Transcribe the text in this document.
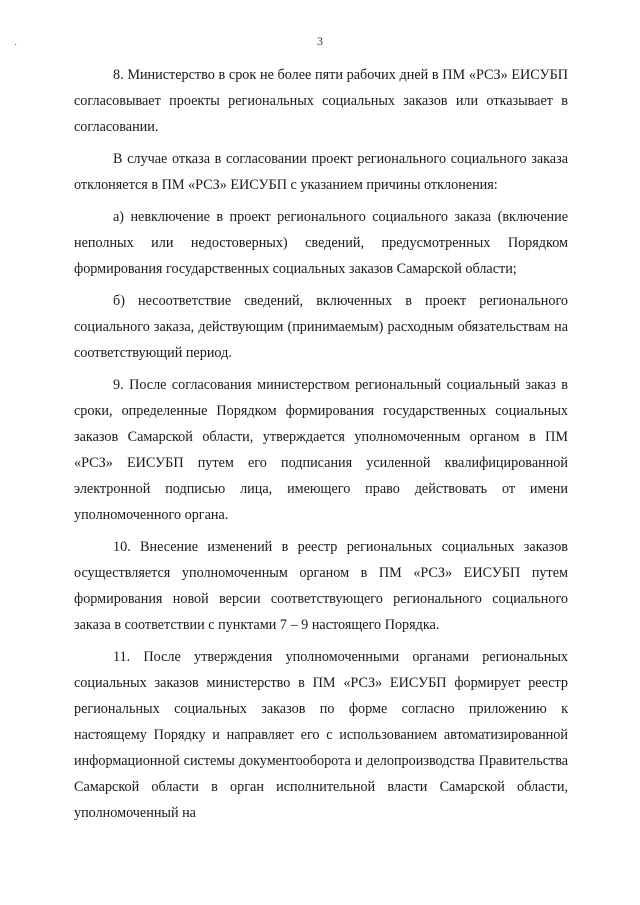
3
·

8. Министерство в срок не более пяти рабочих дней в ПМ «РСЗ» ЕИСУБП согласовывает проекты региональных социальных заказов или отказывает в согласовании.

В случае отказа в согласовании проект регионального социального заказа отклоняется в ПМ «РСЗ» ЕИСУБП с указанием причины отклонения:

а) невключение в проект регионального социального заказа (включение неполных или недостоверных) сведений, предусмотренных Порядком формирования государственных социальных заказов Самарской области;

б) несоответствие сведений, включенных в проект регионального социального заказа, действующим (принимаемым) расходным обязательствам на соответствующий период.

9. После согласования министерством региональный социальный заказ в сроки, определенные Порядком формирования государственных социальных заказов Самарской области, утверждается уполномоченным органом в ПМ «РСЗ» ЕИСУБП путем его подписания усиленной квалифицированной электронной подписью лица, имеющего право действовать от имени уполномоченного органа.

10. Внесение изменений в реестр региональных социальных заказов осуществляется уполномоченным органом в ПМ «РСЗ» ЕИСУБП путем формирования новой версии соответствующего регионального социального заказа в соответствии с пунктами 7 – 9 настоящего Порядка.

11. После утверждения уполномоченными органами региональных социальных заказов министерство в ПМ «РСЗ» ЕИСУБП формирует реестр региональных социальных заказов по форме согласно приложению к настоящему Порядку и направляет его с использованием автоматизированной информационной системы документооборота и делопроизводства Правительства Самарской области в орган исполнительной власти Самарской области, уполномоченный на
